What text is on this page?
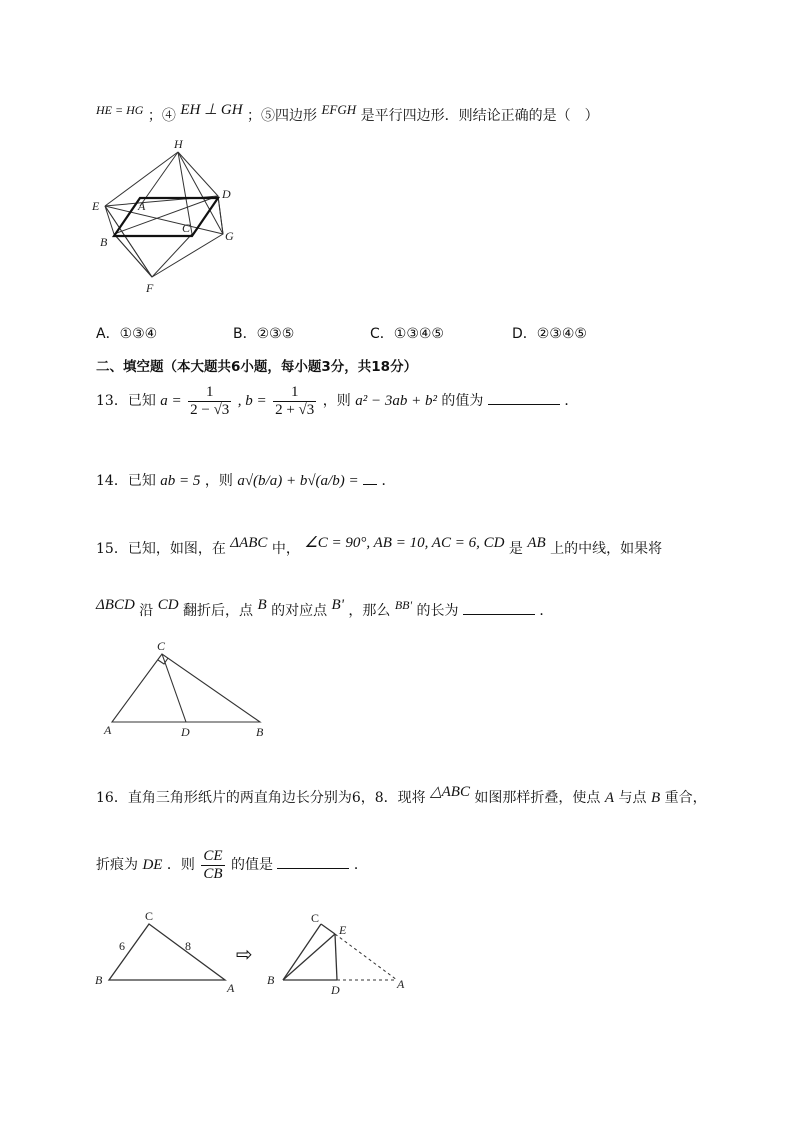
HE = HG ；④ EH ⊥ GH ；⑤四边形 EFGH 是平行四边形．则结论正确的是（　）
H
E	A
D
C
G
B
F
A．①③④	B．②③⑤	C．①③④⑤	D．②③④⑤
二、填空题（本大题共6小题，每小题3分，共18分）
13．已知 $a = \frac{1}{2 - √3}$ , $b = \frac{1}{2 + √3}$ ，则 a² − 3ab + b² 的值为	．
14．已知 ab = 5 ，则 a√(b/a) + b√(a/b) = ．
15．已知，如图，在 ΔABC 中， ∠C = 90°, AB = 10, AC = 6, CD 是 AB 上的中线，如果将
ΔBCD 沿 CD 翻折后，点 B 的对应点 B' ，那么 BB' 的长为	．
C
A	D	B
16．直角三角形纸片的两直角边长分别为6，8．现将 △ABC 如图那样折叠，使点 A 与点 B 重合，
折痕为 DE ．则 $\frac{CE}{CB}$ 的值是	．
C
6	8
B
A
⇨
C
E
B
D	A
